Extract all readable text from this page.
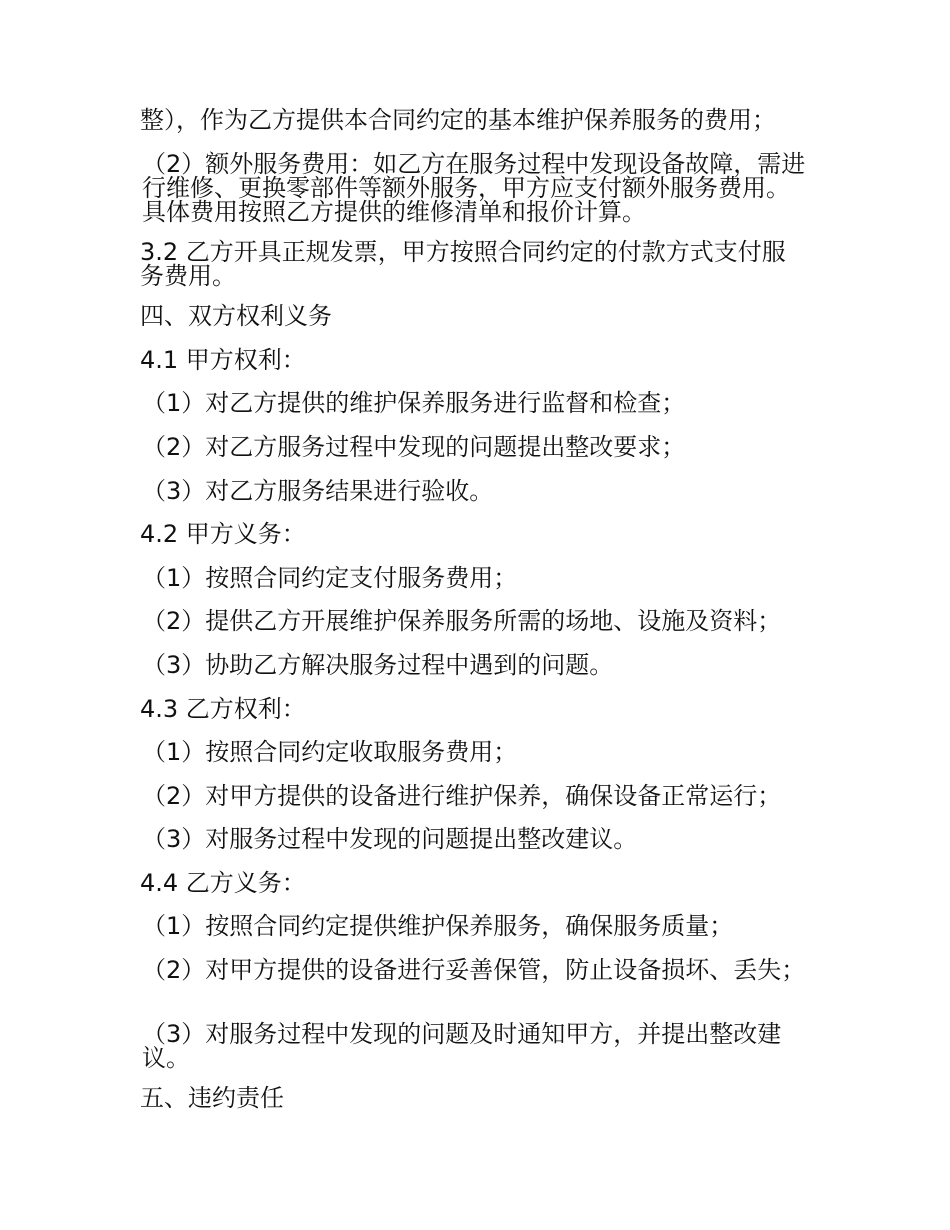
整），作为乙方提供本合同约定的基本维护保养服务的费用；

（2）额外服务费用：如乙方在服务过程中发现设备故障，需进行维修、更换零部件等额外服务，甲方应支付额外服务费用。具体费用按照乙方提供的维修清单和报价计算。

3.2 乙方开具正规发票，甲方按照合同约定的付款方式支付服务费用。

四、双方权利义务

4.1 甲方权利：

（1）对乙方提供的维护保养服务进行监督和检查；

（2）对乙方服务过程中发现的问题提出整改要求；

（3）对乙方服务结果进行验收。

4.2 甲方义务：

（1）按照合同约定支付服务费用；

（2）提供乙方开展维护保养服务所需的场地、设施及资料；

（3）协助乙方解决服务过程中遇到的问题。

4.3 乙方权利：

（1）按照合同约定收取服务费用；

（2）对甲方提供的设备进行维护保养，确保设备正常运行；

（3）对服务过程中发现的问题提出整改建议。

4.4 乙方义务：

（1）按照合同约定提供维护保养服务，确保服务质量；

（2）对甲方提供的设备进行妥善保管，防止设备损坏、丢失；

（3）对服务过程中发现的问题及时通知甲方，并提出整改建议。

五、违约责任
